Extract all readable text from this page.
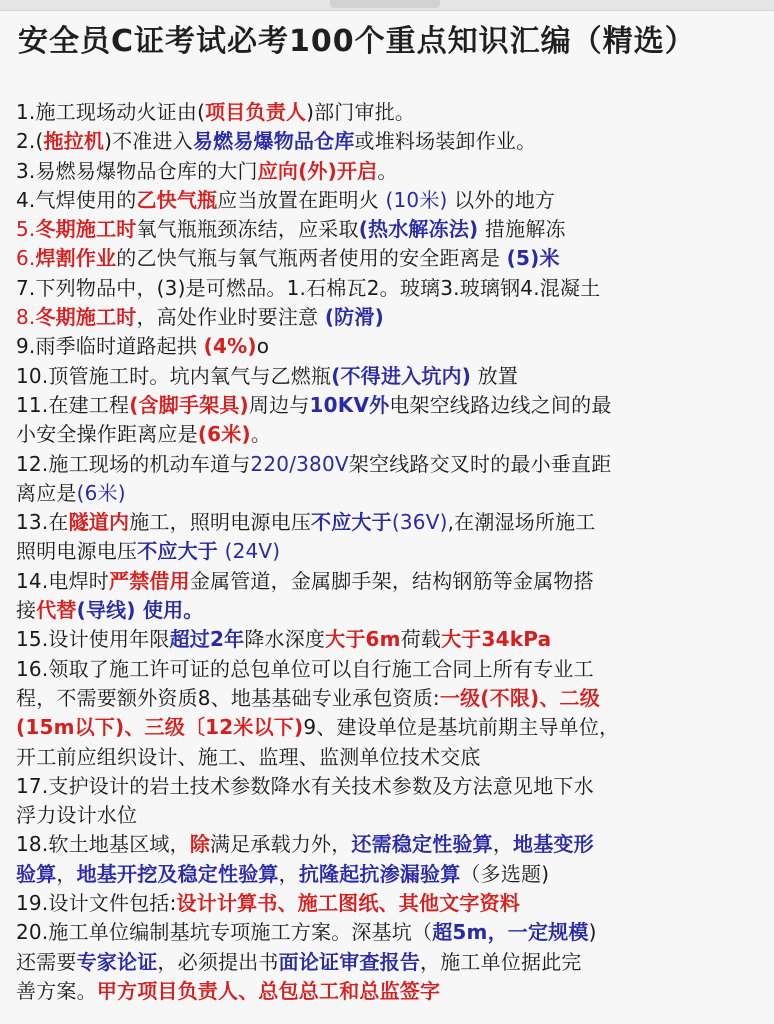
安全员C证考试必考100个重点知识汇编（精选）
1.施工现场动火证由(项目负责人)部门审批。
2.(拖拉机)不准进入易燃易爆物品仓库或堆料场装卸作业。
3.易燃易爆物品仓库的大门应向(外)开启。
4.气焊使用的乙快气瓶应当放置在距明火 (10米) 以外的地方
5.冬期施工时氧气瓶瓶颈冻结，应采取(热水解冻法) 措施解冻
6.焊割作业的乙快气瓶与氧气瓶两者使用的安全距离是 (5)米
7.下列物品中，(3)是可燃品。1.石棉瓦2。玻璃3.玻璃钢4.混凝土
8.冬期施工时，高处作业时要注意 (防滑)
9.雨季临时道路起拱 (4%)o
10.顶管施工时。坑内氧气与乙燃瓶(不得进入坑内) 放置
11.在建工程(含脚手架具)周边与10KV外电架空线路边线之间的最
小安全操作距离应是(6米)。
12.施工现场的机动车道与220/380V架空线路交叉时的最小垂直距
离应是(6米)
13.在隧道内施工，照明电源电压不应大于(36V),在潮湿场所施工
照明电源电压不应大于 (24V)
14.电焊时严禁借用金属管道，金属脚手架，结构钢筋等金属物搭
接代替(导线) 使用。
15.设计使用年限超过2年降水深度大于6m荷载大于34kPa
16.领取了施工许可证的总包单位可以自行施工合同上所有专业工
程，不需要额外资质8、地基基础专业承包资质:一级(不限)、二级
(15m以下)、三级〔12米以下)9、建设单位是基坑前期主导单位，
开工前应组织设计、施工、监理、监测单位技术交底
17.支护设计的岩土技术参数降水有关技术参数及方法意见地下水
浮力设计水位
18.软土地基区域，除满足承载力外，还需稳定性验算，地基变形
验算，地基开挖及稳定性验算，抗隆起抗渗漏验算（多选题)
19.设计文件包括:设计计算书、施工图纸、其他文字资料
20.施工单位编制基坑专项施工方案。深基坑（超5m，一定规模)
还需要专家论证，必须提出书面论证审查报告，施工单位据此完
善方案。甲方项目负责人、总包总工和总监签字
